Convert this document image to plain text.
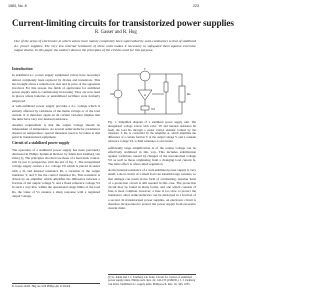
1983, No. 8	223
Current-limiting circuits for transistorized power supplies
R. Gasser and R. Hug

One of the areas of electronics in which valves have mainly completely been superseded by semi-conductors is that of stabilized d.c. power supplies. The very low internal resistance of these units makes it necessary to safeguard them against excessive output drains. In this paper the authors discuss the principles of the circuits used for this purpose.

Introduction

In stabilized d.c. power supply equipment valves have nowadays almost completely been replaced by diodes and transistors. This has brought about a reduction in size and in price of the apparatus involved. For this reason, the fields of application for stabilized power supply units is continuously increasing. They are now used in places where batteries or unstabilized rectifiers were formerly employed.

A well-stabilized power supply provides a d.c. voltage which is entirely affected by variations of the mains voltage or of the load current. It is therefore again an all current variation implies that the units have very low internal resistance.

Another requirement is that the output voltage should be independent of temperature. As several semiconductor parameters depend on temperature, special measures need to be taken at this point in transistorized equipment.

Circuit of a stabilized power supply

The operation of a stabilized power supply has been previously discussed in Philips Technical Review by Klein and Zaalberg van Zelst [1]. The principles involved are those of a feed-back control, will be put to perspective with the aid of fig. 1. The unregulated voltage supply creates a d.c. voltage V0 which is placed in series with a D, and internal resistance Ri, a variation of the output transistor T, and V the the control transistor Rs. This transistor is driven by an amplifier which amplifies the difference between a fraction of the output voltage V, and a fixed reference voltage Vd in such a way that, within the operational range limits of the load Rs, the value of Vs ensures a sharp response with a regulated output voltage.

V0
T
Rs
A
Vd

Fig. 1. Simplified diagram of a stabilized power supply unit. The unregulated voltage source with e.m.f. V0 and internal resistance Ri feeds the load Rs through a series control element formed by the transistor T. Rs, is controlled by the amplifier A, which amplifies the difference of a certain fraction V of the output voltage V, and a constant reference voltage Vd, to limit resistance. Load current.

sufficiently large amplification A of the output voltage can be effectively stabilized in this way. This includes stabilization against variations caused by changes of the uncontrolled voltage V0 as well as those originating from a changing load current Is. The latter effect is often called regulation.

As the internal resistance of a well-stabilized power supply is very small, a short circuit of a small load can transmit large currents, so that damage can result in the form of overheating. Another form of a protection circuit is still needed in this case. The protection circuit may be found in many forms, and one which consists of fuse is most common, however; a fuse is too slow to protect the transistors, since semiconductors can be destroyed in a fraction of a second. In transistorized power supplies, an electronic circuit is therefore incorporated to protect the power supply from excessive current drain.

[1] G. Klein and J. J. Zaalberg van Zelst, Circuit for control of stabilized power supply units, Philips tech. Rev. 22, 142-155 (1960/61). J. J. Zaalberg van Zelst, Stabilized d.c. supply units, Philips tech. Rev. 16, 343, 1955.
R. Gasser and R. Hug are with Philips AG at Zürich.
